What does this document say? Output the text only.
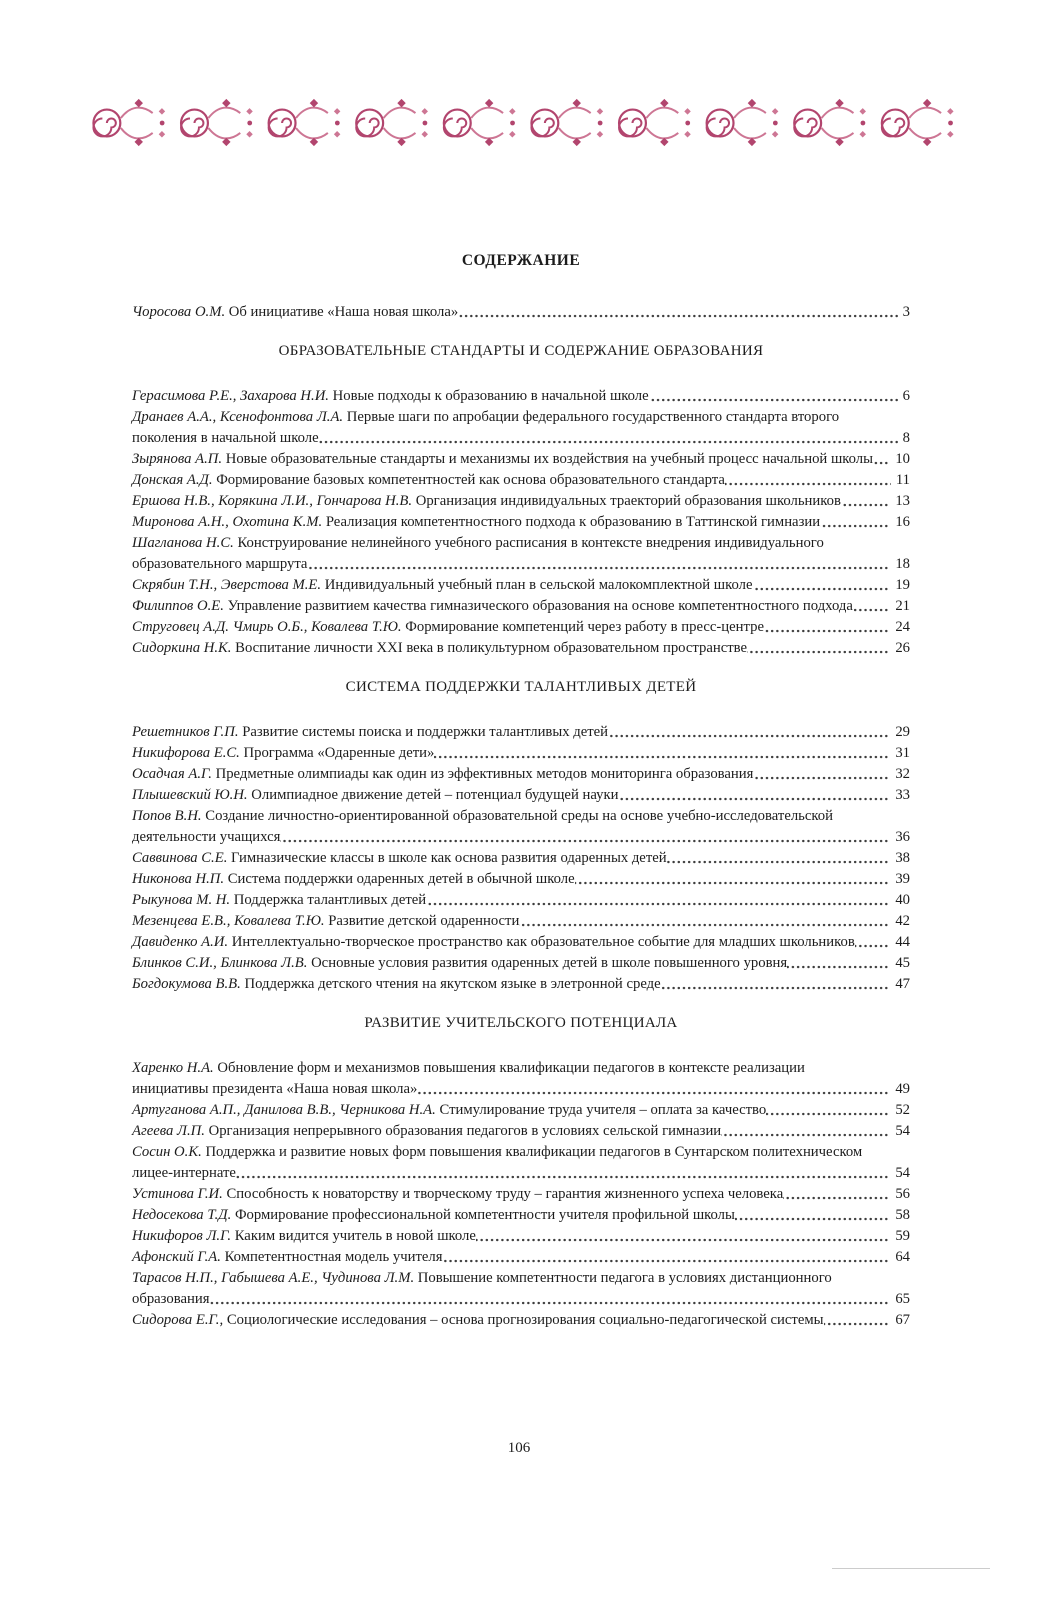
СОДЕРЖАНИЕ
Чоросова О.М. Об инициативе «Наша новая школа»	3
ОБРАЗОВАТЕЛЬНЫЕ СТАНДАРТЫ И СОДЕРЖАНИЕ ОБРАЗОВАНИЯ
Герасимова Р.Е., Захарова Н.И. Новые подходы к образованию в начальной школе	6
Дранаев А.А., Ксенофонтова Л.А. Первые шаги по апробации федерального государственного стандарта второго поколения в начальной школе	8
Зырянова А.П. Новые образовательные стандарты и механизмы их воздействия на учебный процесс начальной школы	10
Донская А.Д. Формирование базовых компетентностей как основа образовательного стандарта	11
Ершова Н.В., Корякина Л.И., Гончарова Н.В. Организация индивидуальных траекторий образования школьников	13
Миронова А.Н., Охотина К.М. Реализация компетентностного подхода к образованию в Таттинской гимназии	16
Шагланова Н.С. Конструирование нелинейного учебного расписания в контексте внедрения индивидуального образовательного маршрута	18
Скрябин Т.Н., Эверстова М.Е. Индивидуальный учебный план в сельской малокомплектной школе	19
Филиппов О.Е. Управление развитием качества гимназического образования на основе компетентностного подхода	21
Струговец А.Д. Чмирь О.Б., Ковалева Т.Ю. Формирование компетенций через работу в пресс-центре	24
Сидоркина Н.К. Воспитание личности XXI века в поликультурном образовательном пространстве	26
СИСТЕМА ПОДДЕРЖКИ ТАЛАНТЛИВЫХ ДЕТЕЙ
Решетников Г.П. Развитие системы поиска и поддержки талантливых детей	29
Никифорова Е.С. Программа «Одаренные дети»	31
Осадчая А.Г. Предметные олимпиады как один из эффективных методов мониторинга образования	32
Плышевский Ю.Н. Олимпиадное движение детей – потенциал будущей науки	33
Попов В.Н. Создание личностно-ориентированной образовательной среды на основе учебно-исследовательской деятельности учащихся	36
Саввинова С.Е. Гимназические классы в школе как основа развития одаренных детей	38
Никонова Н.П. Система поддержки одаренных детей в обычной школе	39
Рыкунова М. Н. Поддержка талантливых детей	40
Мезенцева Е.В., Ковалева Т.Ю. Развитие детской одаренности	42
Давиденко А.И. Интеллектуально-творческое пространство как образовательное событие для младших школьников	44
Блинков С.И., Блинкова Л.В. Основные условия развития одаренных детей в школе повышенного уровня	45
Богдокумова В.В. Поддержка детского чтения на якутском языке в элетронной среде	47
РАЗВИТИЕ УЧИТЕЛЬСКОГО ПОТЕНЦИАЛА
Харенко Н.А. Обновление форм и механизмов повышения квалификации педагогов в контексте реализации инициативы президента «Наша новая школа»	49
Артуганова А.П., Данилова В.В., Черникова Н.А. Стимулирование труда учителя – оплата за качество	52
Агеева Л.П. Организация непрерывного образования педагогов в условиях сельской гимназии	54
Сосин О.К. Поддержка и развитие новых форм повышения квалификации педагогов в Сунтарском политехническом лицее-интернате	54
Устинова Г.И. Способность к новаторству и творческому труду – гарантия жизненного успеха человека	56
Недосекова Т.Д. Формирование профессиональной компетентности учителя профильной школы	58
Никифоров Л.Г. Каким видится учитель в новой школе	59
Афонский Г.А. Компетентностная модель учителя	64
Тарасов Н.П., Габышева А.Е., Чудинова Л.М. Повышение компетентности педагога в условиях дистанционного образования	65
Сидорова Е.Г., Социологические исследования – основа прогнозирования социально-педагогической системы	67
106
